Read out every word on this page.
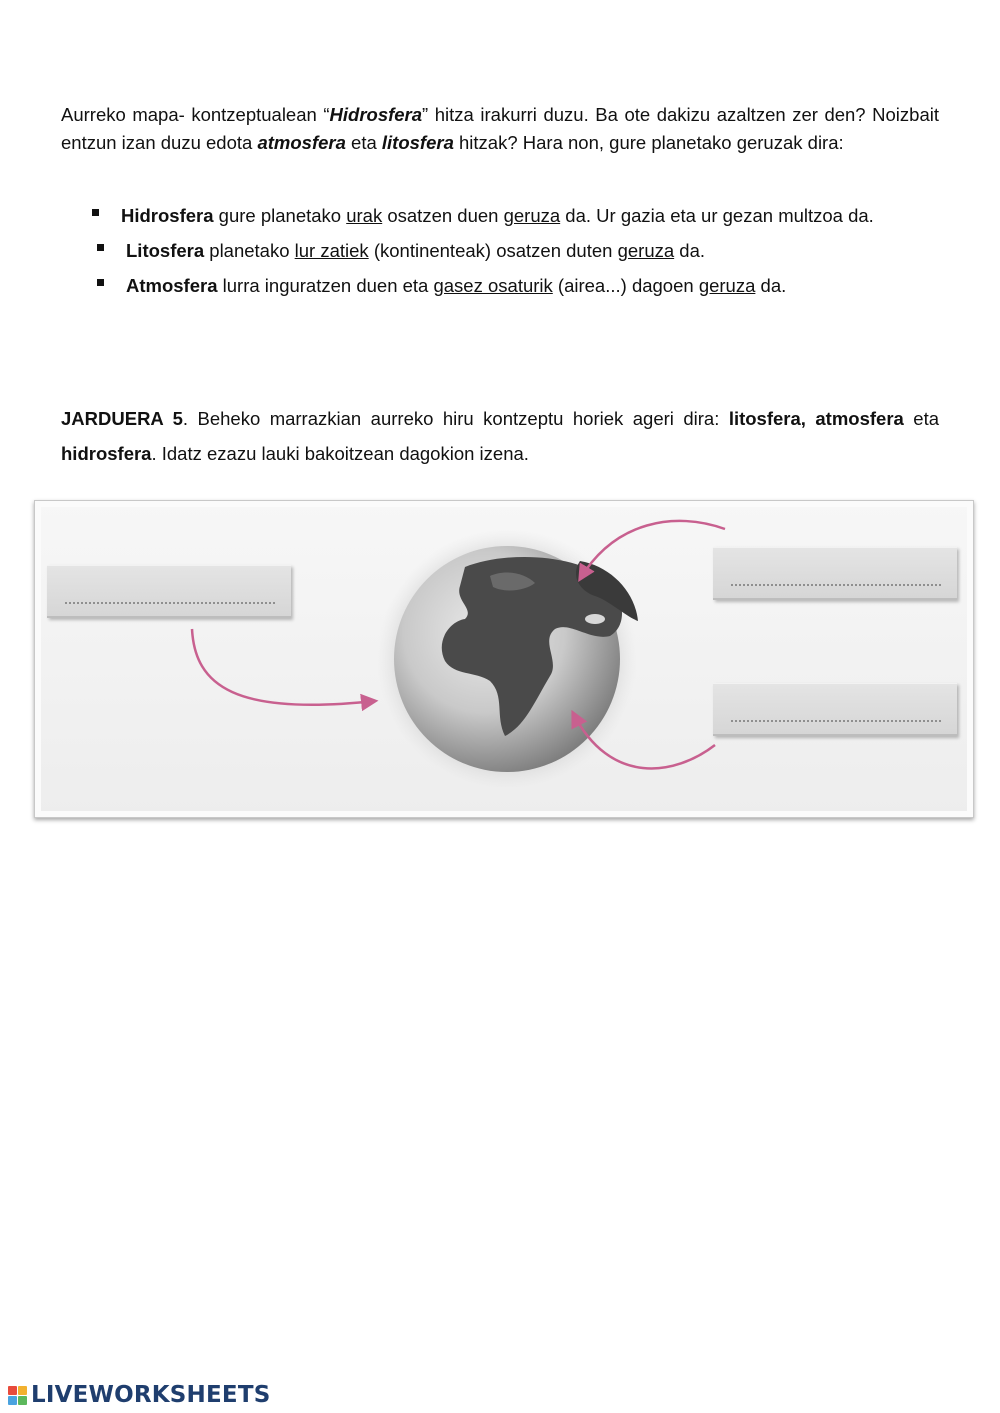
Aurreko mapa- kontzeptualean “Hidrosfera” hitza irakurri duzu. Ba ote dakizu azaltzen zer den? Noizbait entzun izan duzu edota atmosfera eta litosfera hitzak? Hara non, gure planetako geruzak dira:

Hidrosfera gure planetako urak osatzen duen geruza da. Ur gazia eta ur gezan multzoa da.
Litosfera planetako lur zatiek (kontinenteak) osatzen duten geruza da.
Atmosfera lurra inguratzen duen eta gasez osaturik (airea...) dagoen geruza da.

JARDUERA 5. Beheko marrazkian aurreko hiru kontzeptu horiek ageri dira: litosfera, atmosfera eta hidrosfera. Idatz ezazu lauki bakoitzean dagokion izena.

LIVEWORKSHEETS
